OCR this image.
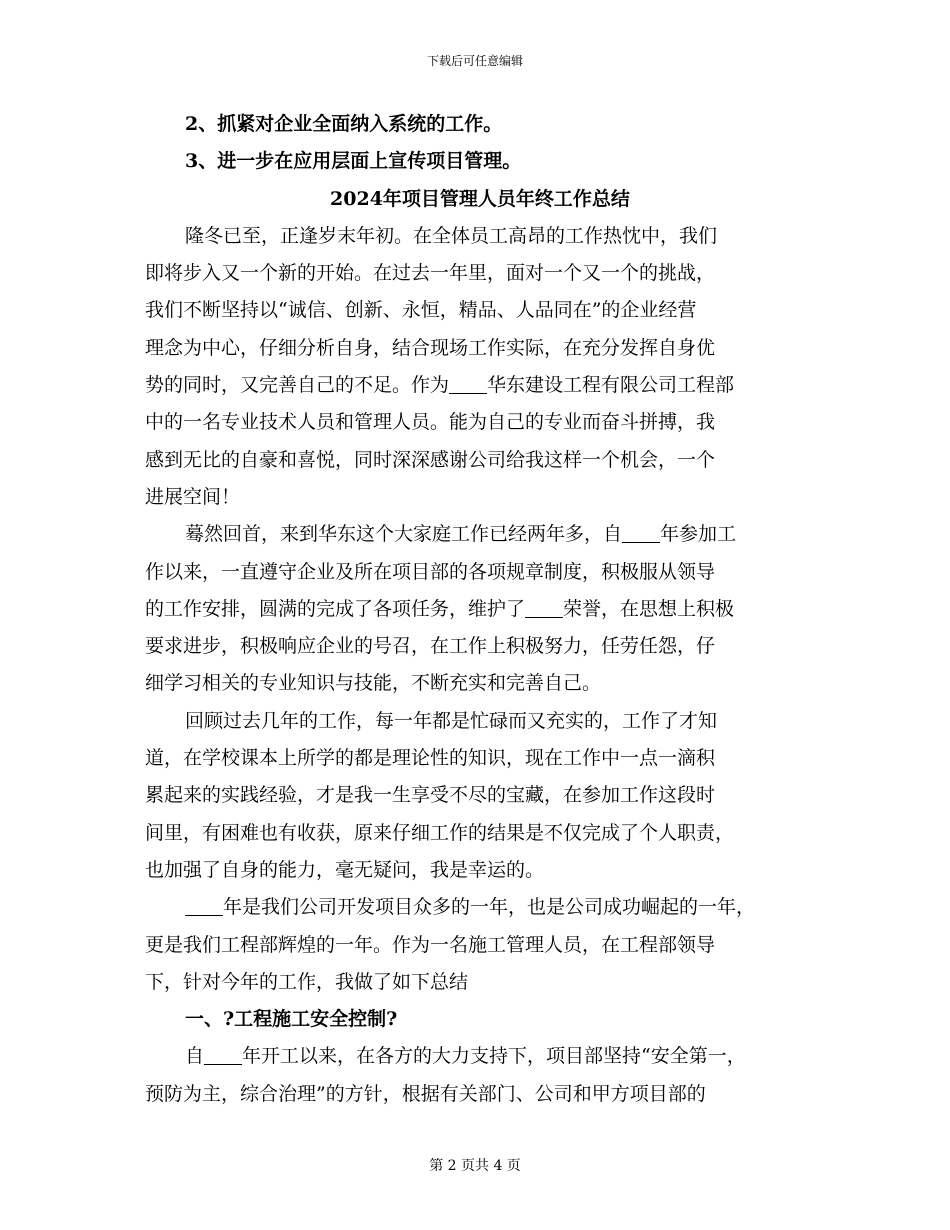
下载后可任意编辑
2、抓紧对企业全面纳入系统的工作。
3、进一步在应用层面上宣传项目管理。
2024年项目管理人员年终工作总结
隆冬已至，正逢岁末年初。在全体员工高昂的工作热忱中，我们
即将步入又一个新的开始。在过去一年里，面对一个又一个的挑战，
我们不断坚持以“诚信、创新、永恒，精品、人品同在”的企业经营
理念为中心，仔细分析自身，结合现场工作实际，在充分发挥自身优
势的同时，又完善自己的不足。作为 华东建设工程有限公司工程部
中的一名专业技术人员和管理人员。能为自己的专业而奋斗拼搏，我
感到无比的自豪和喜悦，同时深深感谢公司给我这样一个机会，一个
进展空间！
蓦然回首，来到华东这个大家庭工作已经两年多，自 年参加工
作以来，一直遵守企业及所在项目部的各项规章制度，积极服从领导
的工作安排，圆满的完成了各项任务，维护了 荣誉，在思想上积极
要求进步，积极响应企业的号召，在工作上积极努力，任劳任怨，仔
细学习相关的专业知识与技能，不断充实和完善自己。
回顾过去几年的工作，每一年都是忙碌而又充实的，工作了才知
道，在学校课本上所学的都是理论性的知识，现在工作中一点一滴积
累起来的实践经验，才是我一生享受不尽的宝藏，在参加工作这段时
间里，有困难也有收获，原来仔细工作的结果是不仅完成了个人职责，
也加强了自身的能力，毫无疑问，我是幸运的。
年是我们公司开发项目众多的一年，也是公司成功崛起的一年，
更是我们工程部辉煌的一年。作为一名施工管理人员，在工程部领导
下，针对今年的工作，我做了如下总结
一、?工程施工安全控制?
自 年开工以来，在各方的大力支持下，项目部坚持“安全第一，
预防为主，综合治理”的方针，根据有关部门、公司和甲方项目部的
第 2 页共 4 页
